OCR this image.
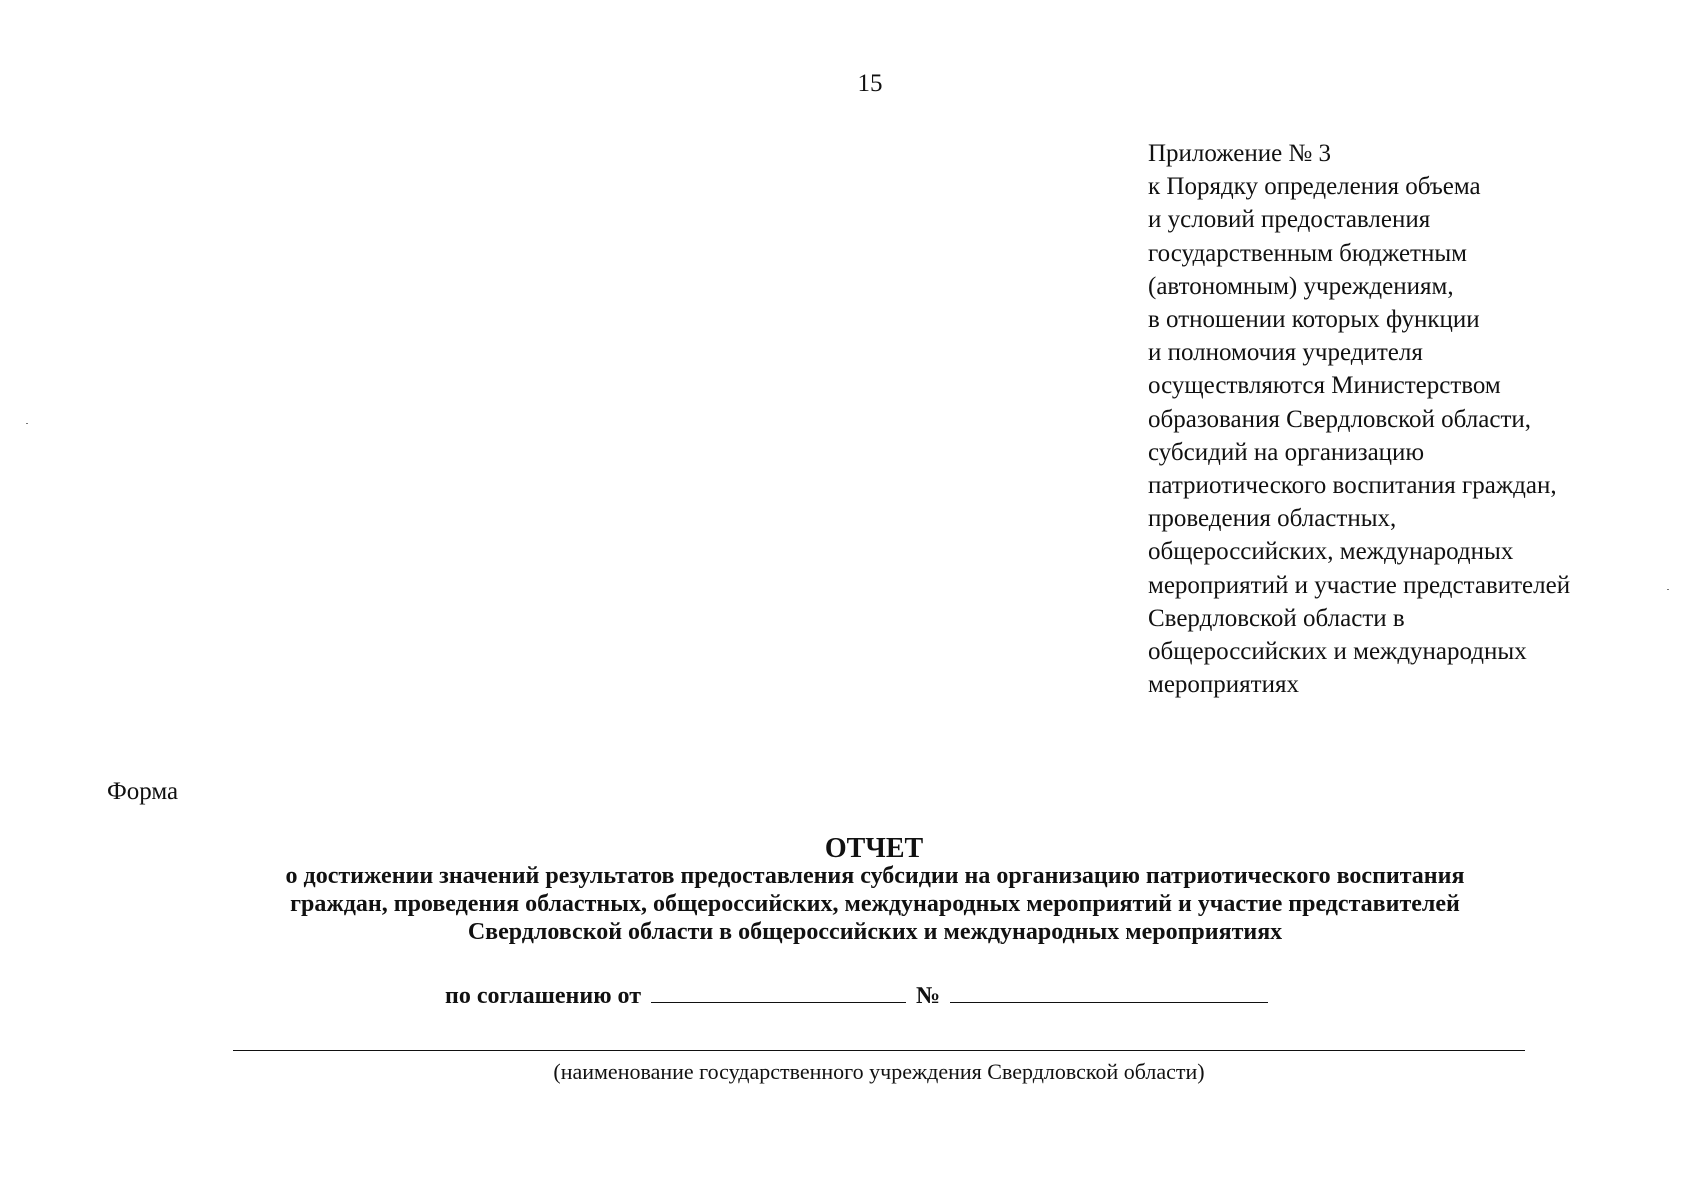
15
Приложение № 3
к Порядку определения объема
и условий предоставления
государственным бюджетным
(автономным) учреждениям,
в отношении которых функции
и полномочия учредителя
осуществляются Министерством
образования Свердловской области,
субсидий на организацию
патриотического воспитания граждан,
проведения областных,
общероссийских, международных
мероприятий и участие представителей
Свердловской области в
общероссийских и международных
мероприятиях
Форма
ОТЧЕТ
о достижении значений результатов предоставления субсидии на организацию патриотического воспитания
граждан, проведения областных, общероссийских, международных мероприятий и участие представителей
Свердловской области в общероссийских и международных мероприятиях
по соглашению от	№
(наименование государственного учреждения Свердловской области)
